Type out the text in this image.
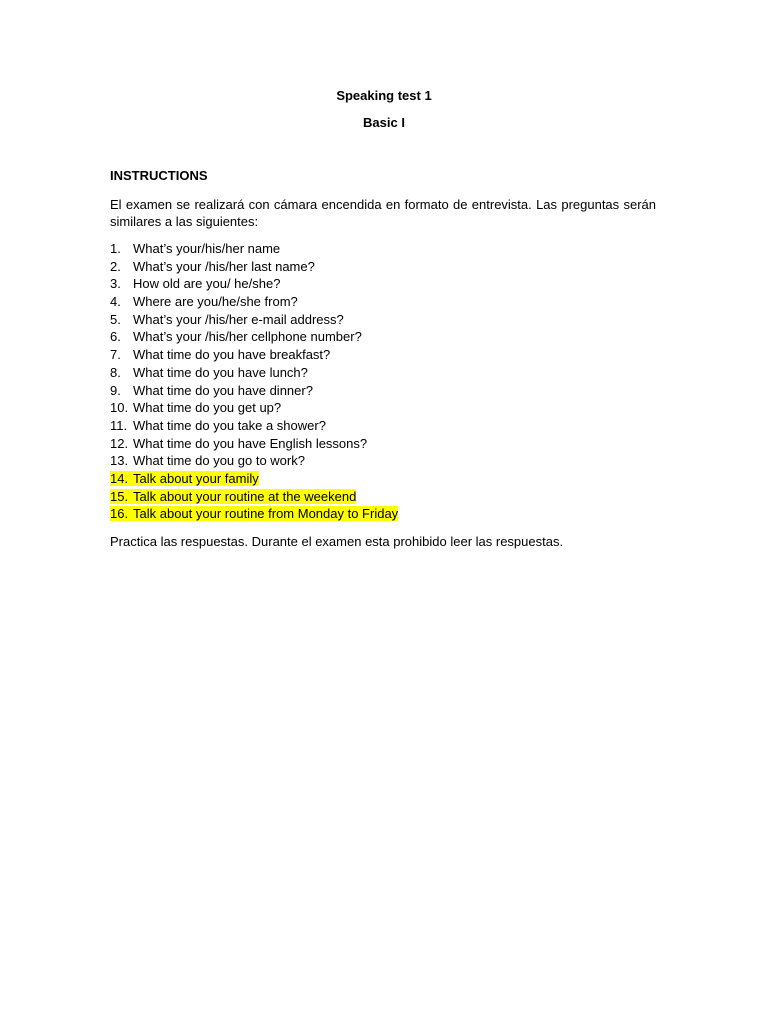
Speaking test 1
Basic I
INSTRUCTIONS
El examen se realizará con cámara encendida en formato de entrevista. Las preguntas serán
similares a las siguientes:
1. What’s your/his/her name
2. What’s your /his/her last name?
3. How old are you/ he/she?
4. Where are you/he/she from?
5. What’s your /his/her e-mail address?
6. What’s your /his/her cellphone number?
7. What time do you have breakfast?
8. What time do you have lunch?
9. What time do you have dinner?
10. What time do you get up?
11. What time do you take a shower?
12. What time do you have English lessons?
13. What time do you go to work?
14. Talk about your family
15. Talk about your routine at the weekend
16. Talk about your routine from Monday to Friday
Practica las respuestas. Durante el examen esta prohibido leer las respuestas.
